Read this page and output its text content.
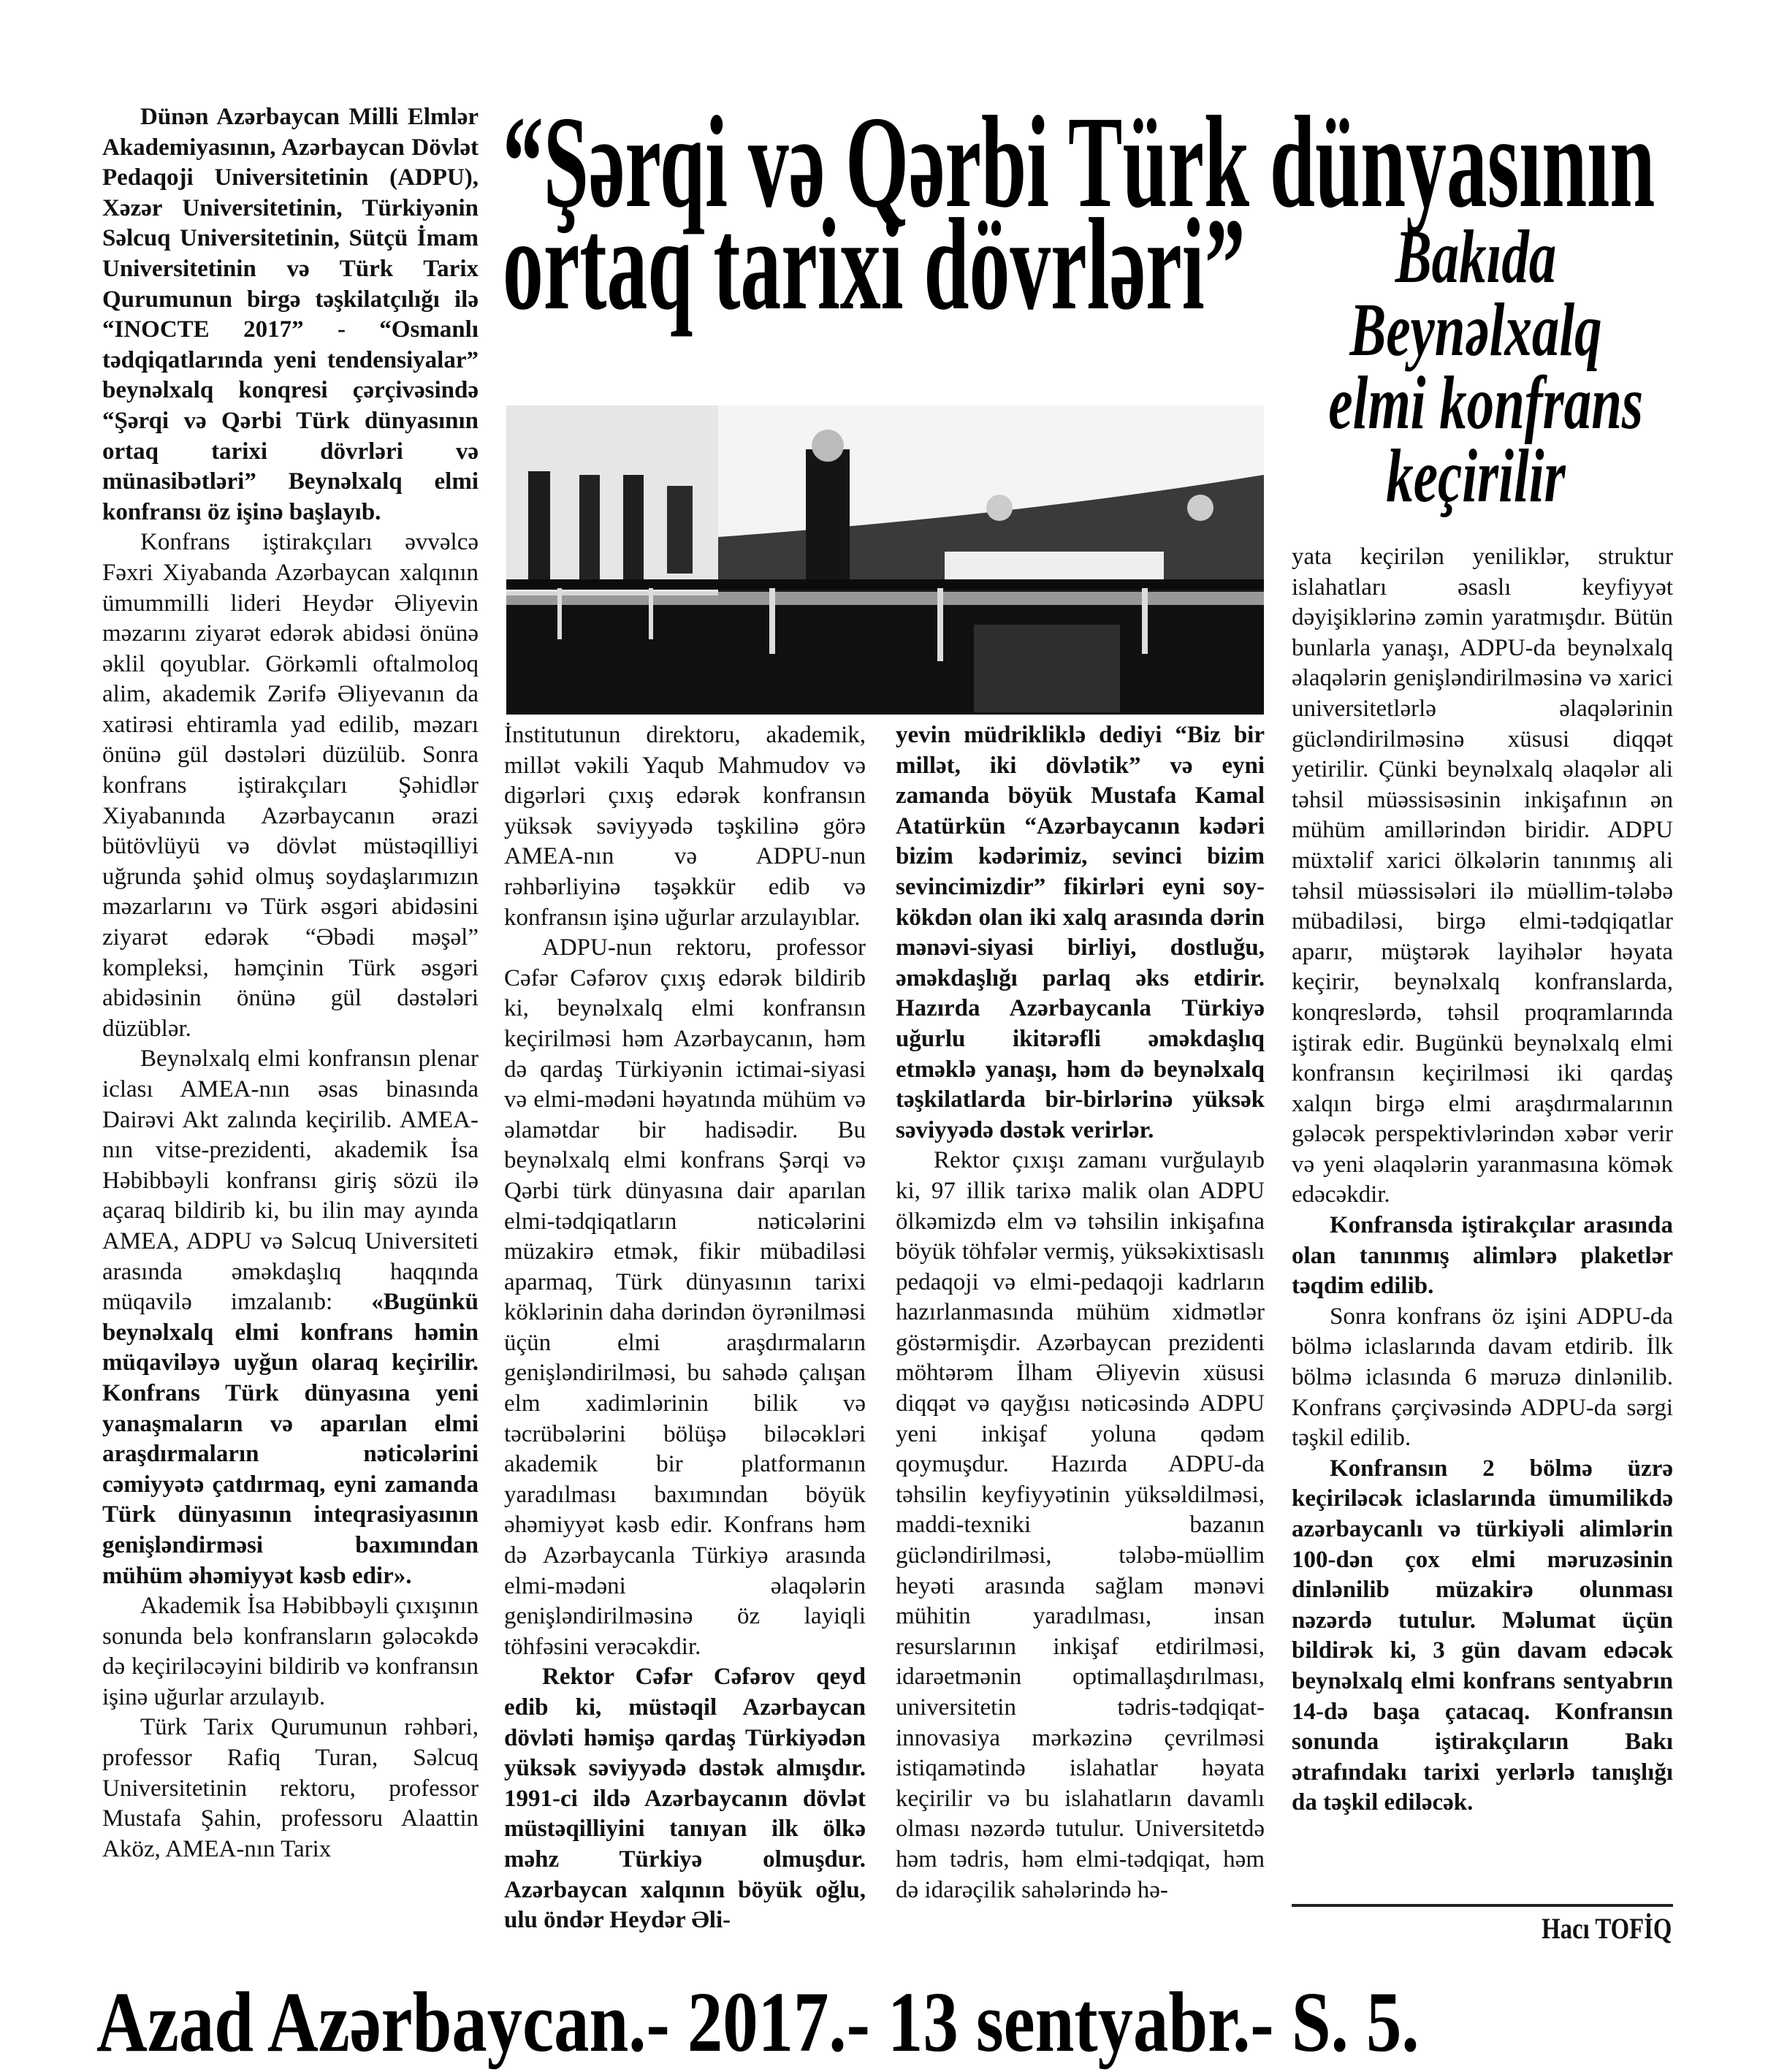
“Şərqi və Qərbi Türk dünyasının
ortaq tarixi dövrləri”	Bakıda
Beynəlxalq
elmi konfrans
keçirilir

Dünən Azərbaycan Milli Elmlər Akademiyasının, Azərbaycan Dövlət Pedaqoji Universitetinin (ADPU), Xəzər Universitetinin, Türkiyənin Səlcuq Universitetinin, Sütçü İmam Universitetinin və Türk Tarix Qurumunun birgə təşkilatçılığı ilə “INOCTE 2017” - “Osmanlı tədqiqatlarında yeni tendensiyalar” beynəlxalq konqresi çərçivəsində “Şərqi və Qərbi Türk dünyasının ortaq tarixi dövrləri və münasibətləri” Beynəlxalq elmi konfransı öz işinə başlayıb.

Konfrans iştirakçıları əvvəlcə Fəxri Xiyabanda Azərbaycan xalqının ümummilli lideri Heydər Əliyevin məzarını ziyarət edərək abidəsi önünə əklil qoyublar. Görkəmli oftalmoloq alim, akademik Zərifə Əliyevanın da xatirəsi ehtiramla yad edilib, məzarı önünə gül dəstələri düzülüb. Sonra konfrans iştirakçıları Şəhidlər Xiyabanında Azərbaycanın ərazi bütövlüyü və dövlət müstəqilliyi uğrunda şəhid olmuş soydaşlarımızın məzarlarını və Türk əsgəri abidəsini ziyarət edərək “Əbədi məşəl” kompleksi, həmçinin Türk əsgəri abidəsinin önünə gül dəstələri düzüblər.

Beynəlxalq elmi konfransın plenar iclası AMEA-nın əsas binasında Dairəvi Akt zalında keçirilib. AMEA-nın vitse-prezidenti, akademik İsa Həbibbəyli konfransı giriş sözü ilə açaraq bildirib ki, bu ilin may ayında AMEA, ADPU və Səlcuq Universiteti arasında əməkdaşlıq haqqında müqavilə imzalanıb: «Bugünkü beynəlxalq elmi konfrans həmin müqaviləyə uyğun olaraq keçirilir. Konfrans Türk dünyasına yeni yanaşmaların və aparılan elmi araşdırmaların nəticələrini cəmiyyətə çatdırmaq, eyni zamanda Türk dünyasının inteqrasiyasının genişləndirməsi baxımından mühüm əhəmiyyət kəsb edir».

Akademik İsa Həbibbəyli çıxışının sonunda belə konfransların gələcəkdə də keçiriləcəyini bildirib və konfransın işinə uğurlar arzulayıb.

Türk Tarix Qurumunun rəhbəri, professor Rafiq Turan, Səlcuq Universitetinin rektoru, professor Mustafa Şahin, professoru Alaattin Aköz, AMEA-nın Tarix

İnstitutunun direktoru, akademik, millət vəkili Yaqub Mahmudov və digərləri çıxış edərək konfransın yüksək səviyyədə təşkilinə görə AMEA-nın və ADPU-nun rəhbərliyinə təşəkkür edib və konfransın işinə uğurlar arzulayıblar.

ADPU-nun rektoru, professor Cəfər Cəfərov çıxış edərək bildirib ki, beynəlxalq elmi konfransın keçirilməsi həm Azərbaycanın, həm də qardaş Türkiyənin ictimai-siyasi və elmi-mədəni həyatında mühüm və əlamətdar bir hadisədir. Bu beynəlxalq elmi konfrans Şərqi və Qərbi türk dünyasına dair aparılan elmi-tədqiqatların nəticələrini müzakirə etmək, fikir mübadiləsi aparmaq, Türk dünyasının tarixi köklərinin daha dərindən öyrənilməsi üçün elmi araşdırmaların genişləndirilməsi, bu sahədə çalışan elm xadimlərinin bilik və təcrübələrini bölüşə biləcəkləri akademik bir platformanın yaradılması baxımından böyük əhəmiyyət kəsb edir. Konfrans həm də Azərbaycanla Türkiyə arasında elmi-mədəni əlaqələrin genişləndirilməsinə öz layiqli töhfəsini verəcəkdir.

Rektor Cəfər Cəfərov qeyd edib ki, müstəqil Azərbaycan dövləti həmişə qardaş Türkiyədən yüksək səviyyədə dəstək almışdır. 1991-ci ildə Azərbaycanın dövlət müstəqilliyini tanıyan ilk ölkə məhz Türkiyə olmuşdur. Azərbaycan xalqının böyük oğlu, ulu öndər Heydər Əli-

yevin müdrikliklə dediyi “Biz bir millət, iki dövlətik” və eyni zamanda böyük Mustafa Kamal Atatürkün “Azərbaycanın kədəri bizim kədərimiz, sevinci bizim sevincimizdir” fikirləri eyni soy-kökdən olan iki xalq arasında dərin mənəvi-siyasi birliyi, dostluğu, əməkdaşlığı parlaq əks etdirir. Hazırda Azərbaycanla Türkiyə uğurlu ikitərəfli əməkdaşlıq etməklə yanaşı, həm də beynəlxalq təşkilatlarda bir-birlərinə yüksək səviyyədə dəstək verirlər.

Rektor çıxışı zamanı vurğulayıb ki, 97 illik tarixə malik olan ADPU ölkəmizdə elm və təhsilin inkişafına böyük töhfələr vermiş, yüksəkixtisaslı pedaqoji və elmi-pedaqoji kadrların hazırlanmasında mühüm xidmətlər göstərmişdir. Azərbaycan prezidenti möhtərəm İlham Əliyevin xüsusi diqqət və qayğısı nəticəsində ADPU yeni inkişaf yoluna qədəm qoymuşdur. Hazırda ADPU-da təhsilin keyfiyyətinin yüksəldilməsi, maddi-texniki bazanın gücləndirilməsi, tələbə-müəllim heyəti arasında sağlam mənəvi mühitin yaradılması, insan resurslarının inkişaf etdirilməsi, idarəetmənin optimallaşdırılması, universitetin tədris-tədqiqat-innovasiya mərkəzinə çevrilməsi istiqamətində islahatlar həyata keçirilir və bu islahatların davamlı olması nəzərdə tutulur. Universitetdə həm tədris, həm elmi-tədqiqat, həm də idarəçilik sahələrində hə-

yata keçirilən yeniliklər, struktur islahatları əsaslı keyfiyyət dəyişiklərinə zəmin yaratmışdır. Bütün bunlarla yanaşı, ADPU-da beynəlxalq əlaqələrin genişləndirilməsinə və xarici universitetlərlə əlaqələrinin gücləndirilməsinə xüsusi diqqət yetirilir. Çünki beynəlxalq əlaqələr ali təhsil müəssisəsinin inkişafının ən mühüm amillərindən biridir. ADPU müxtəlif xarici ölkələrin tanınmış ali təhsil müəssisələri ilə müəllim-tələbə mübadiləsi, birgə elmi-tədqiqatlar aparır, müştərək layihələr həyata keçirir, beynəlxalq konfranslarda, konqreslərdə, təhsil proqramlarında iştirak edir. Bugünkü beynəlxalq elmi konfransın keçirilməsi iki qardaş xalqın birgə elmi araşdırmalarının gələcək perspektivlərindən xəbər verir və yeni əlaqələrin yaranmasına kömək edəcəkdir.

Konfransda iştirakçılar arasında olan tanınmış alimlərə plaketlər təqdim edilib.

Sonra konfrans öz işini ADPU-da bölmə iclaslarında davam etdirib. İlk bölmə iclasında 6 məruzə dinlənilib. Konfrans çərçivəsində ADPU-da sərgi təşkil edilib.

Konfransın 2 bölmə üzrə keçiriləcək iclaslarında ümumilikdə azərbaycanlı və türkiyəli alimlərin 100-dən çox elmi məruzəsinin dinlənilib müzakirə olunması nəzərdə tutulur. Məlumat üçün bildirək ki, 3 gün davam edəcək beynəlxalq elmi konfrans sentyabrın 14-də başa çatacaq. Konfransın sonunda iştirakçıların Bakı ətrafındakı tarixi yerlərlə tanışlığı da təşkil ediləcək.

Hacı TOFİQ
Azad Azərbaycan.- 2017.- 13 sentyabr.- S. 5.
